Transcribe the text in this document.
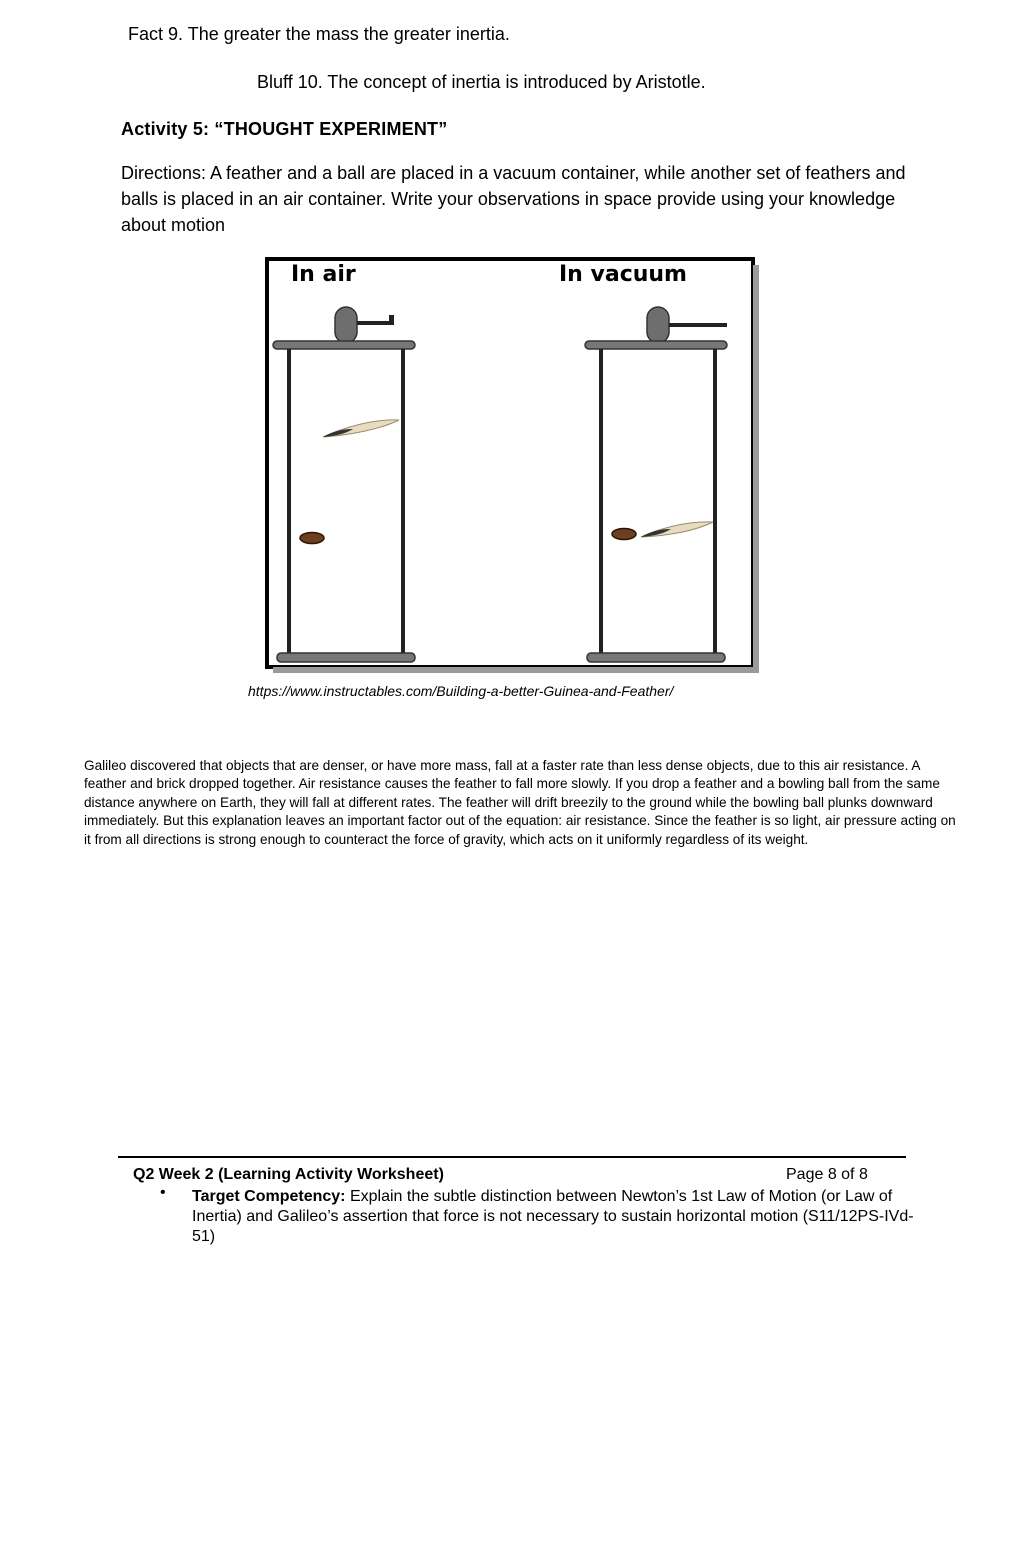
Fact 9. The greater the mass the greater inertia.
Bluff 10. The concept of inertia is introduced by Aristotle.
Activity 5: “THOUGHT EXPERIMENT”
Directions: A feather and a ball are placed in a vacuum container, while another set of feathers and balls is placed in an air container. Write your observations in space provide using your knowledge about motion
In air	In vacuum
https://www.instructables.com/Building-a-better-Guinea-and-Feather/
Galileo discovered that objects that are denser, or have more mass, fall at a faster rate than less dense objects, due to this air resistance. A feather and brick dropped together. Air resistance causes the feather to fall more slowly. If you drop a feather and a bowling ball from the same distance anywhere on Earth, they will fall at different rates. The feather will drift breezily to the ground while the bowling ball plunks downward immediately. But this explanation leaves an important factor out of the equation: air resistance. Since the feather is so light, air pressure acting on it from all directions is strong enough to counteract the force of gravity, which acts on it uniformly regardless of its weight.
Q2 Week 2 (Learning Activity Worksheet)	Page 8 of 8
• Target Competency: Explain the subtle distinction between Newton’s 1st Law of Motion (or Law of Inertia) and Galileo’s assertion that force is not necessary to sustain horizontal motion (S11/12PS-IVd-51)
